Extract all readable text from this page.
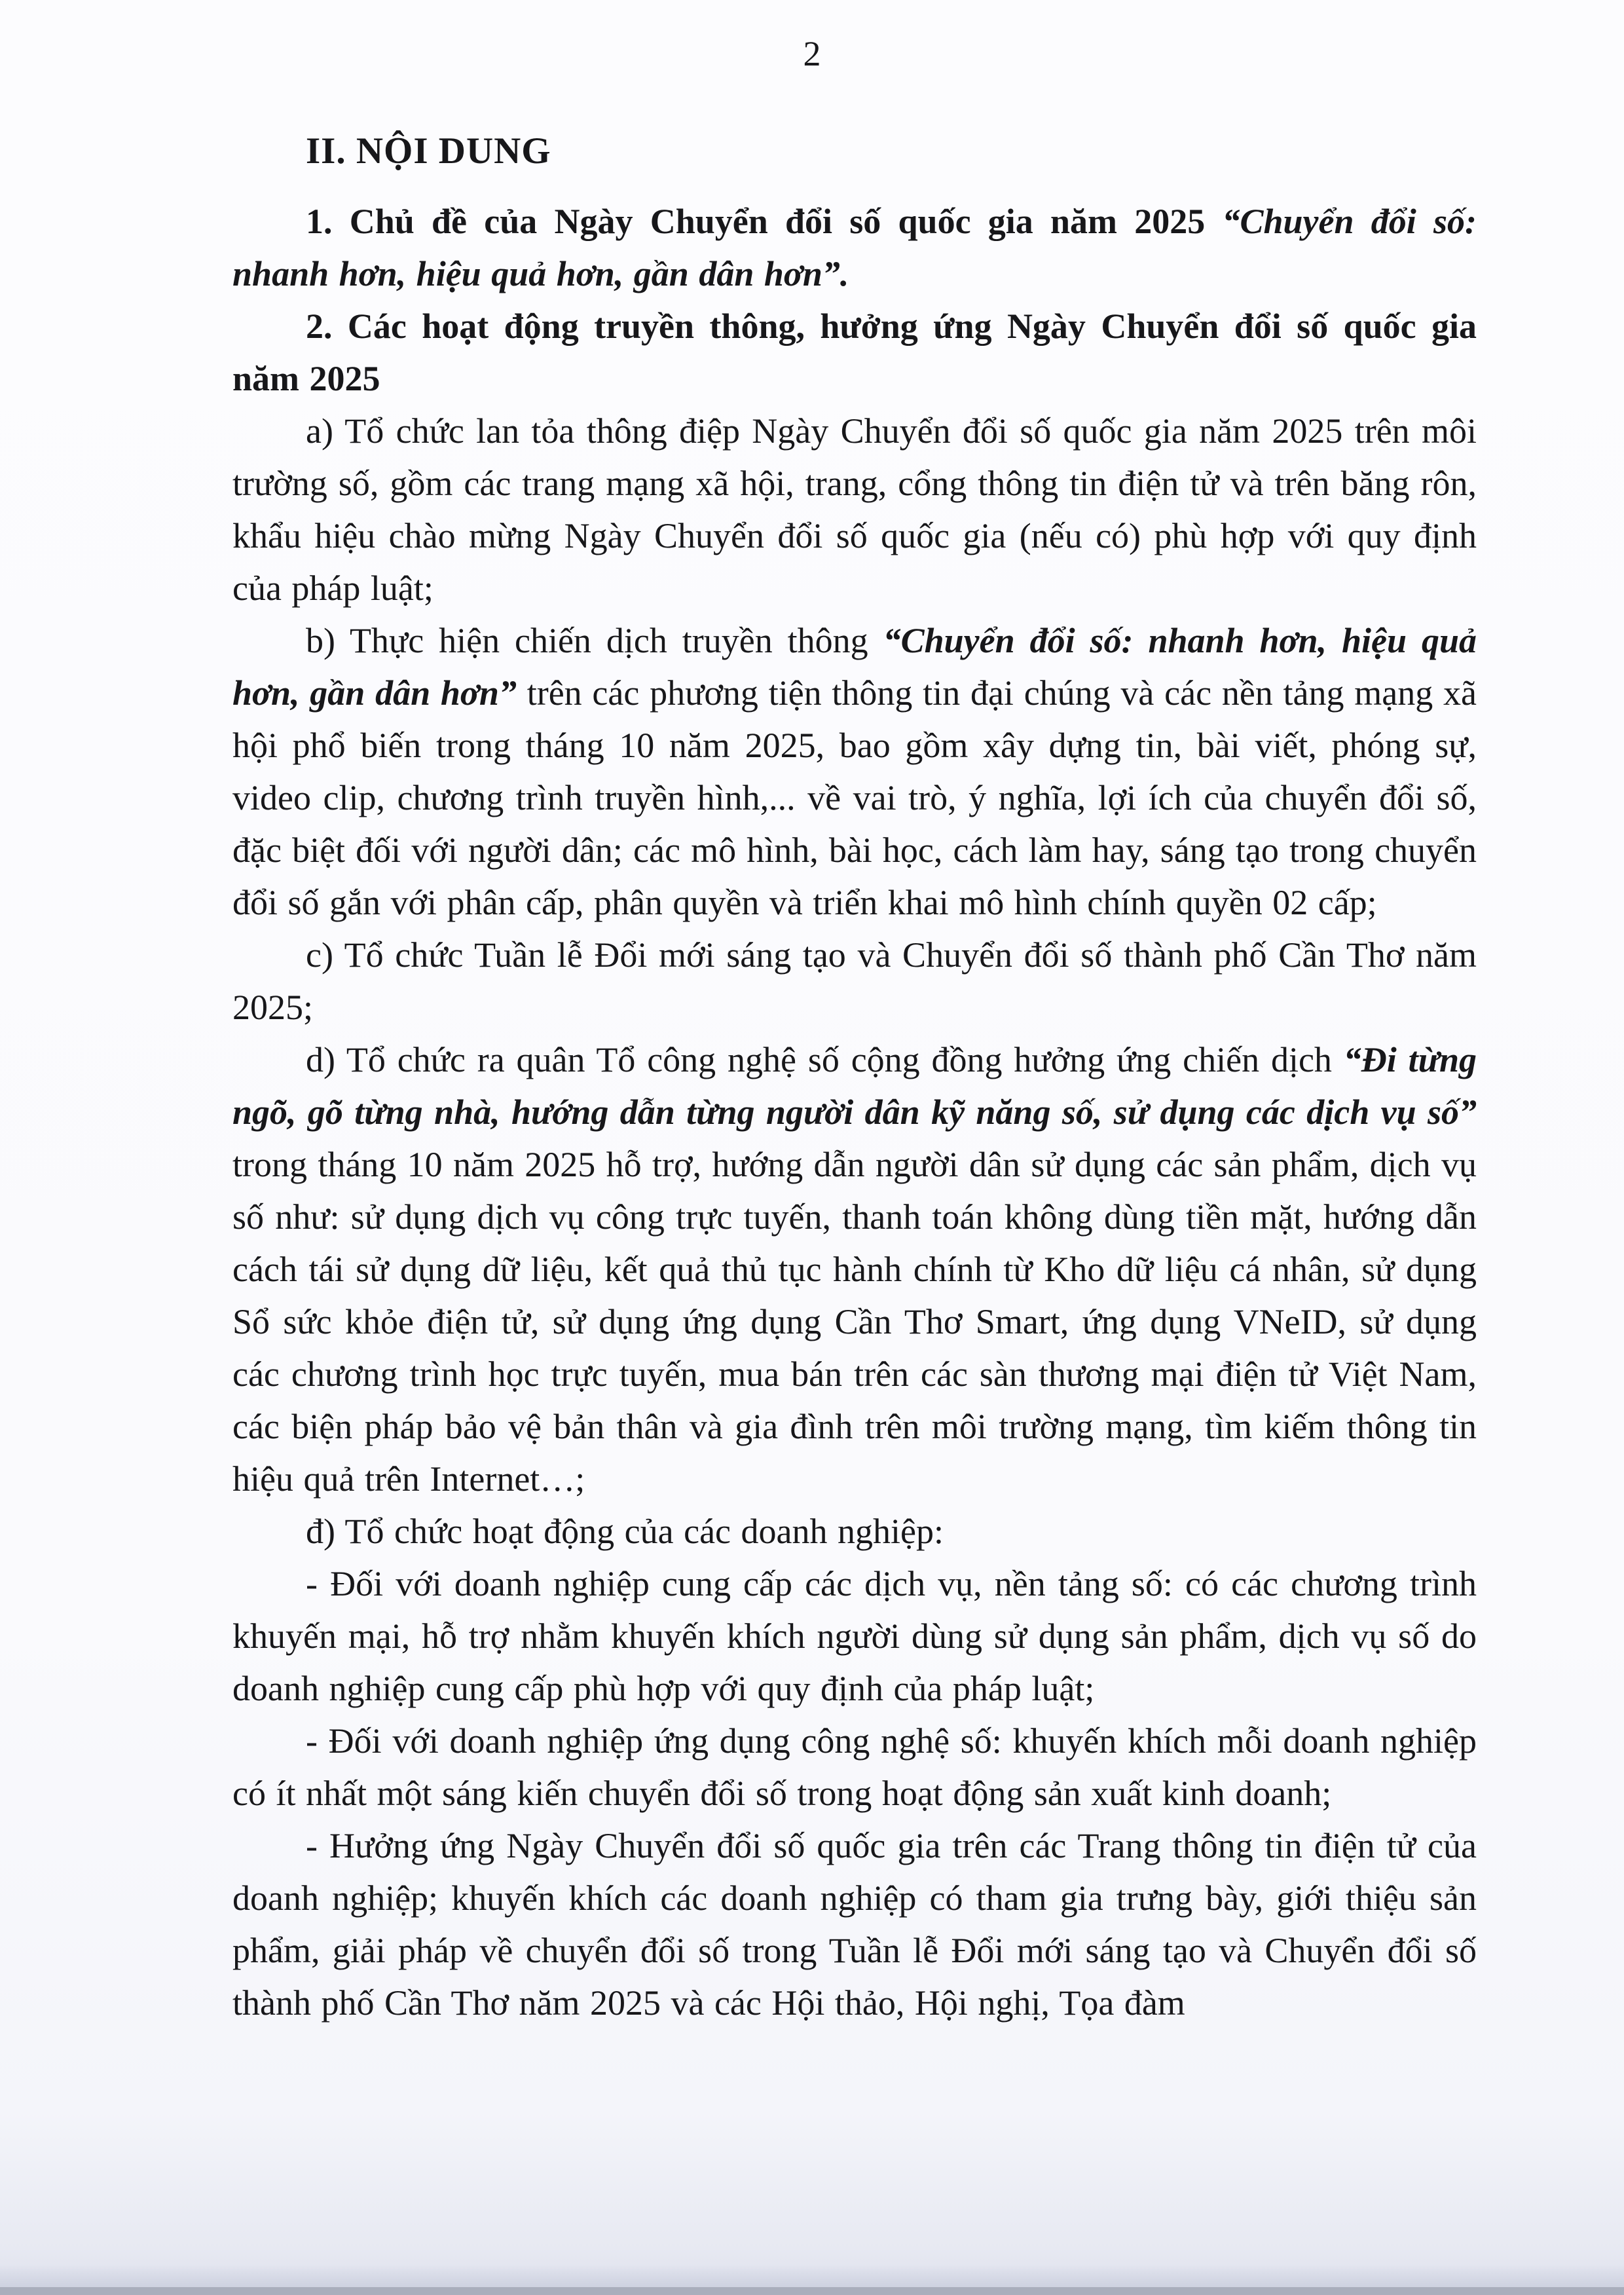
2
II. NỘI DUNG

1. Chủ đề của Ngày Chuyển đổi số quốc gia năm 2025 “Chuyển đổi số: nhanh hơn, hiệu quả hơn, gần dân hơn”.

2. Các hoạt động truyền thông, hưởng ứng Ngày Chuyển đổi số quốc gia năm 2025

a) Tổ chức lan tỏa thông điệp Ngày Chuyển đổi số quốc gia năm 2025 trên môi trường số, gồm các trang mạng xã hội, trang, cổng thông tin điện tử và trên băng rôn, khẩu hiệu chào mừng Ngày Chuyển đổi số quốc gia (nếu có) phù hợp với quy định của pháp luật;

b) Thực hiện chiến dịch truyền thông “Chuyển đổi số: nhanh hơn, hiệu quả hơn, gần dân hơn” trên các phương tiện thông tin đại chúng và các nền tảng mạng xã hội phổ biến trong tháng 10 năm 2025, bao gồm xây dựng tin, bài viết, phóng sự, video clip, chương trình truyền hình,... về vai trò, ý nghĩa, lợi ích của chuyển đổi số, đặc biệt đối với người dân; các mô hình, bài học, cách làm hay, sáng tạo trong chuyển đổi số gắn với phân cấp, phân quyền và triển khai mô hình chính quyền 02 cấp;

c) Tổ chức Tuần lễ Đổi mới sáng tạo và Chuyển đổi số thành phố Cần Thơ năm 2025;

d) Tổ chức ra quân Tổ công nghệ số cộng đồng hưởng ứng chiến dịch “Đi từng ngõ, gõ từng nhà, hướng dẫn từng người dân kỹ năng số, sử dụng các dịch vụ số” trong tháng 10 năm 2025 hỗ trợ, hướng dẫn người dân sử dụng các sản phẩm, dịch vụ số như: sử dụng dịch vụ công trực tuyến, thanh toán không dùng tiền mặt, hướng dẫn cách tái sử dụng dữ liệu, kết quả thủ tục hành chính từ Kho dữ liệu cá nhân, sử dụng Sổ sức khỏe điện tử, sử dụng ứng dụng Cần Thơ Smart, ứng dụng VNeID, sử dụng các chương trình học trực tuyến, mua bán trên các sàn thương mại điện tử Việt Nam, các biện pháp bảo vệ bản thân và gia đình trên môi trường mạng, tìm kiếm thông tin hiệu quả trên Internet…;

đ) Tổ chức hoạt động của các doanh nghiệp:

- Đối với doanh nghiệp cung cấp các dịch vụ, nền tảng số: có các chương trình khuyến mại, hỗ trợ nhằm khuyến khích người dùng sử dụng sản phẩm, dịch vụ số do doanh nghiệp cung cấp phù hợp với quy định của pháp luật;

- Đối với doanh nghiệp ứng dụng công nghệ số: khuyến khích mỗi doanh nghiệp có ít nhất một sáng kiến chuyển đổi số trong hoạt động sản xuất kinh doanh;

- Hưởng ứng Ngày Chuyển đổi số quốc gia trên các Trang thông tin điện tử của doanh nghiệp; khuyến khích các doanh nghiệp có tham gia trưng bày, giới thiệu sản phẩm, giải pháp về chuyển đổi số trong Tuần lễ Đổi mới sáng tạo và Chuyển đổi số thành phố Cần Thơ năm 2025 và các Hội thảo, Hội nghị, Tọa đàm
